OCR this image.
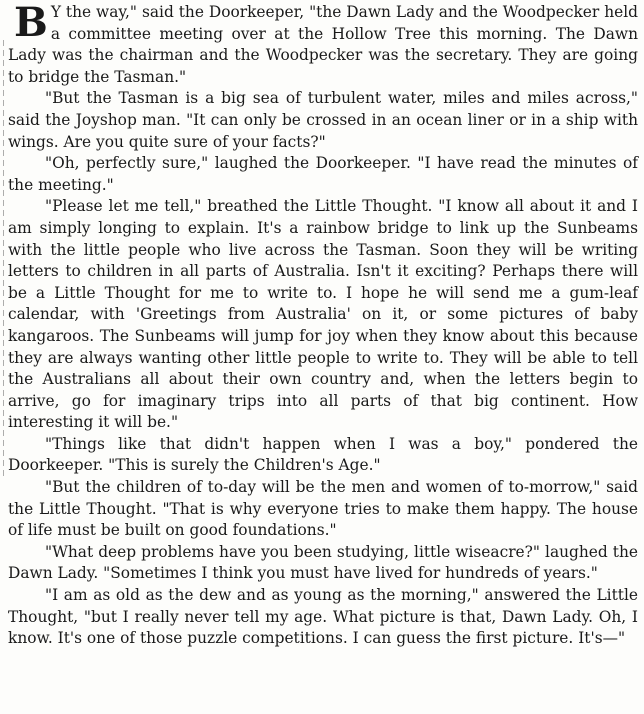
B Y the way," said the Doorkeeper, "the Dawn Lady and the Woodpecker held a committee meeting over at the Hollow Tree this morning. The Dawn Lady was the chairman and the Woodpecker was the secretary. They are going to bridge the Tasman."

"But the Tasman is a big sea of turbulent water, miles and miles across," said the Joyshop man. "It can only be crossed in an ocean liner or in a ship with wings. Are you quite sure of your facts?"

"Oh, perfectly sure," laughed the Doorkeeper. "I have read the minutes of the meeting."

"Please let me tell," breathed the Little Thought. "I know all about it and I am simply longing to explain. It's a rainbow bridge to link up the Sunbeams with the little people who live across the Tasman. Soon they will be writing letters to children in all parts of Australia. Isn't it exciting? Perhaps there will be a Little Thought for me to write to. I hope he will send me a gum-leaf calendar, with 'Greetings from Australia' on it, or some pictures of baby kangaroos. The Sunbeams will jump for joy when they know about this because they are always wanting other little people to write to. They will be able to tell the Australians all about their own country and, when the letters begin to arrive, go for imaginary trips into all parts of that big continent. How interesting it will be."

"Things like that didn't happen when I was a boy," pondered the Doorkeeper. "This is surely the Children's Age."

"But the children of to-day will be the men and women of to-morrow," said the Little Thought. "That is why everyone tries to make them happy. The house of life must be built on good foundations."

"What deep problems have you been studying, little wiseacre?" laughed the Dawn Lady. "Sometimes I think you must have lived for hundreds of years."

"I am as old as the dew and as young as the morning," answered the Little Thought, "but I really never tell my age. What picture is that, Dawn Lady. Oh, I know. It's one of those puzzle competitions. I can guess the first picture. It's—"
